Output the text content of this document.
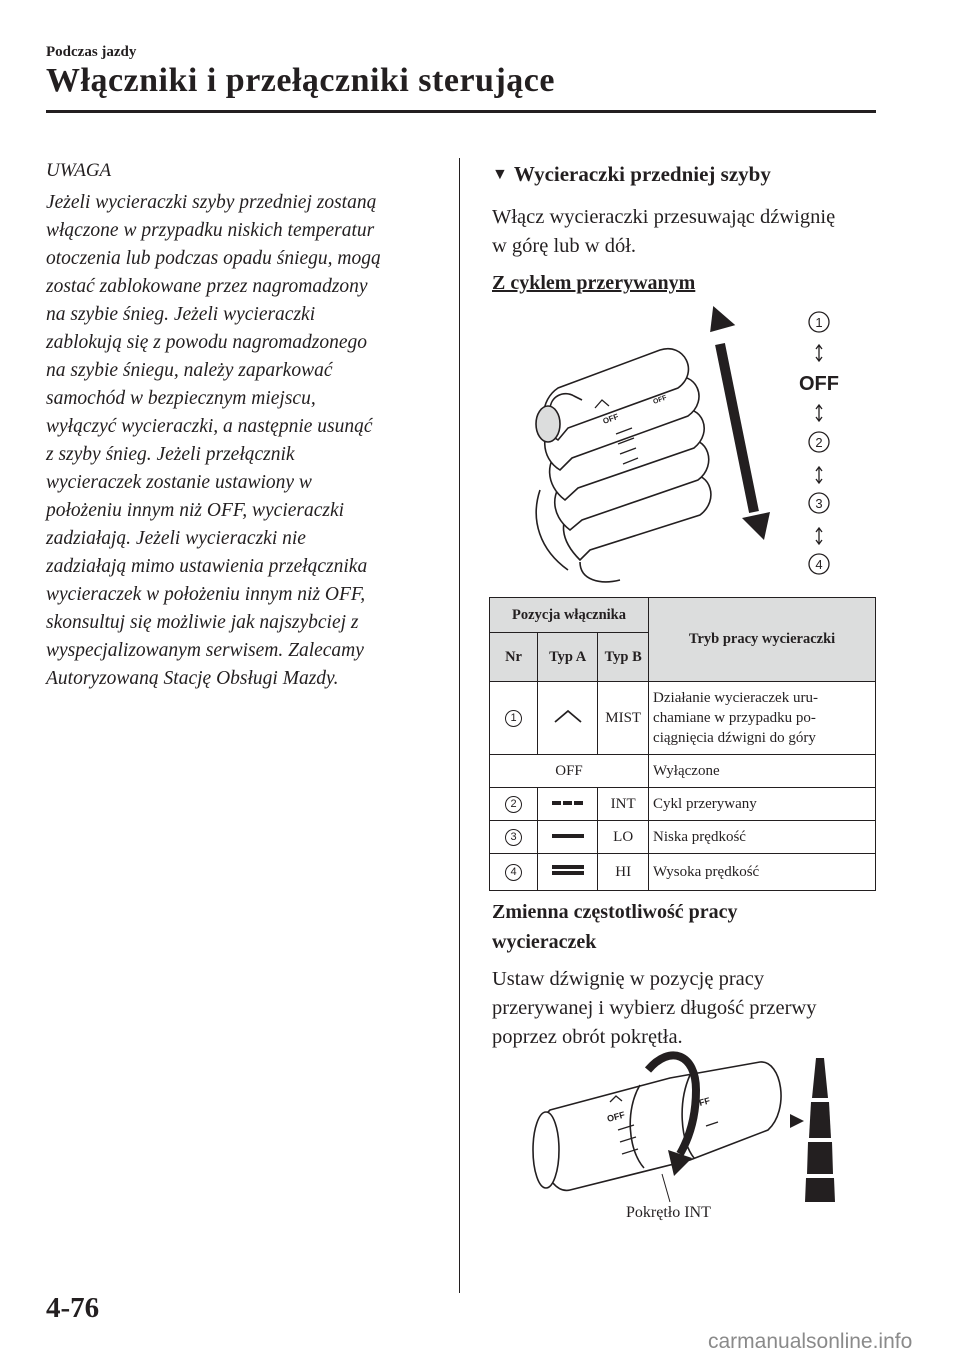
Podczas jazdy
Włączniki i przełączniki sterujące
UWAGA

Jeżeli wycieraczki szyby przedniej zostaną
włączone w przypadku niskich temperatur
otoczenia lub podczas opadu śniegu, mogą
zostać zablokowane przez nagromadzony
na szybie śnieg. Jeżeli wycieraczki
zablokują się z powodu nagromadzonego
na szybie śniegu, należy zaparkować
samochód w bezpiecznym miejscu,
wyłączyć wycieraczki, a następnie usunąć
z szyby śnieg. Jeżeli przełącznik
wycieraczek zostanie ustawiony w
położeniu innym niż OFF, wycieraczki
zadziałają. Jeżeli wycieraczki nie
zadziałają mimo ustawienia przełącznika
wycieraczek w położeniu innym niż OFF,
skonsultuj się możliwie jak najszybciej z
wyspecjalizowanym serwisem. Zalecamy
Autoryzowaną Stację Obsługi Mazdy.

▼ Wycieraczki przedniej szyby

Włącz wycieraczki przesuwając dźwignię
w górę lub w dół.

Z cyklem przerywanym
OFF
OFF
1
OFF
2
3
4
Pozycja włącznika			Tryb pracy wycieraczki
Nr	Typ A	Typ B	
1		MIST	Działanie wycieraczek uru-
chamiane w przypadku po-
ciągnięcia dźwigni do góry

OFF			Wyłączone
2		INT	Cykl przerywany
3		LO	Niska prędkość
4		HI	Wysoka prędkość

Zmienna częstotliwość pracy
wycieraczek

Ustaw dźwignię w pozycję pracy
przerywanej i wybierz długość przerwy
poprzez obrót pokrętła.

OFF
FF
Pokrętło INT
4-76
carmanualsonline.info
